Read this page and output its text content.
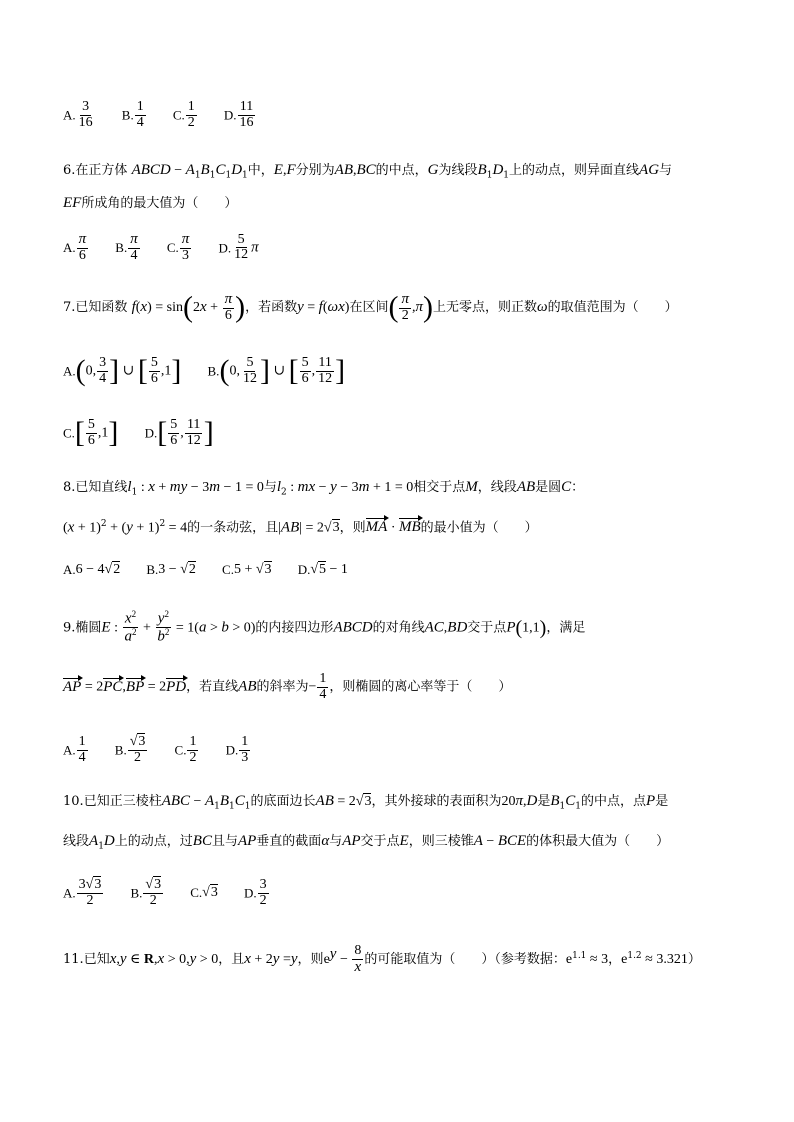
A. $\frac{3}{16} B$. $\frac{1}{4} C$. $\frac{1}{2} D$. $\frac{11}{16}$
6.在正方体 ABCD − $A_1B_1C_1D_1$中，E,F分别为AB,BC的中点，G为线段$B_1D_1$上的动点，则异面直线AG与
EF所成角的最大值为（　　）
A. $\frac{\pi}{6} B$. $\frac{\pi}{4} C$. $\frac{\pi}{3} D$. $\frac{5}{12}$ π
7.已知函数 $f(x) = \sin(2x + \frac{\pi}{6}$ )，若函数y = f(ωx)在区间( $\frac{\pi}{2} ,\pi$)上无零点，则正数ω的取值范围为（　　）
A.(0, $\frac{3}{4}$ ] ∪ [ $\frac{5}{6} ,1$] B.(0, $\frac{5}{12}$ ] ∪ [ $\frac{5}{6}$ , $\frac{11}{12}$ ]
$C.[ \frac{5}{6} ,1]$ $D.[ \frac{5}{6}$ , $\frac{11}{12}$ ]
8.已知直线$l_1$ : x + my − 3m − 1 = 0与$l_2$ : mx − y − 3m + 1 = 0相交于点M，线段AB是圆C：
$(x + 1)^2 + (y + 1)^2 = 4$的一条动弦，且|AB| = 2√3，则MA · MB的最小值为（　　）
A.6 − 4√2 B.3 − √2 C.5 + √3 D.√5 − 1
9.椭圆E : $\frac{x^2}{a^2} + \frac{y^2}{b^2} = 1(a > b > 0)$的内接四边形ABCD的对角线AC,BD交于点P(1,1)，满足
AP = 2PC,BP = 2PD，若直线AB的斜率为− $\frac{1}{4}$ ，则椭圆的离心率等于（　　）
A. $\frac{1}{4} B$. $\frac{√3}{2} C$. $\frac{1}{2} D$. $\frac{1}{3}$
10.已知正三棱柱ABC − $A_1B_1C_1$的底面边长AB = 2√3，其外接球的表面积为20π,D是$B_1C_1$的中点，点P是
线段$A_1D$上的动点，过BC且与AP垂直的截面α与AP交于点E，则三棱锥A − BCE的体积最大值为（　　）
A. $\frac{3√3}{2} B$. $\frac{√3}{2} C.√3$ D. $\frac{3}{2}$
11.已知x,y ∈ R,x > 0,y > 0，且x + 2y =y，则$e^y - \frac{8}{x}$ 的可能取值为（　　）（参考数据：$e^{1.1} \approx 3$，$e^{1.2} \approx 3.321$）
